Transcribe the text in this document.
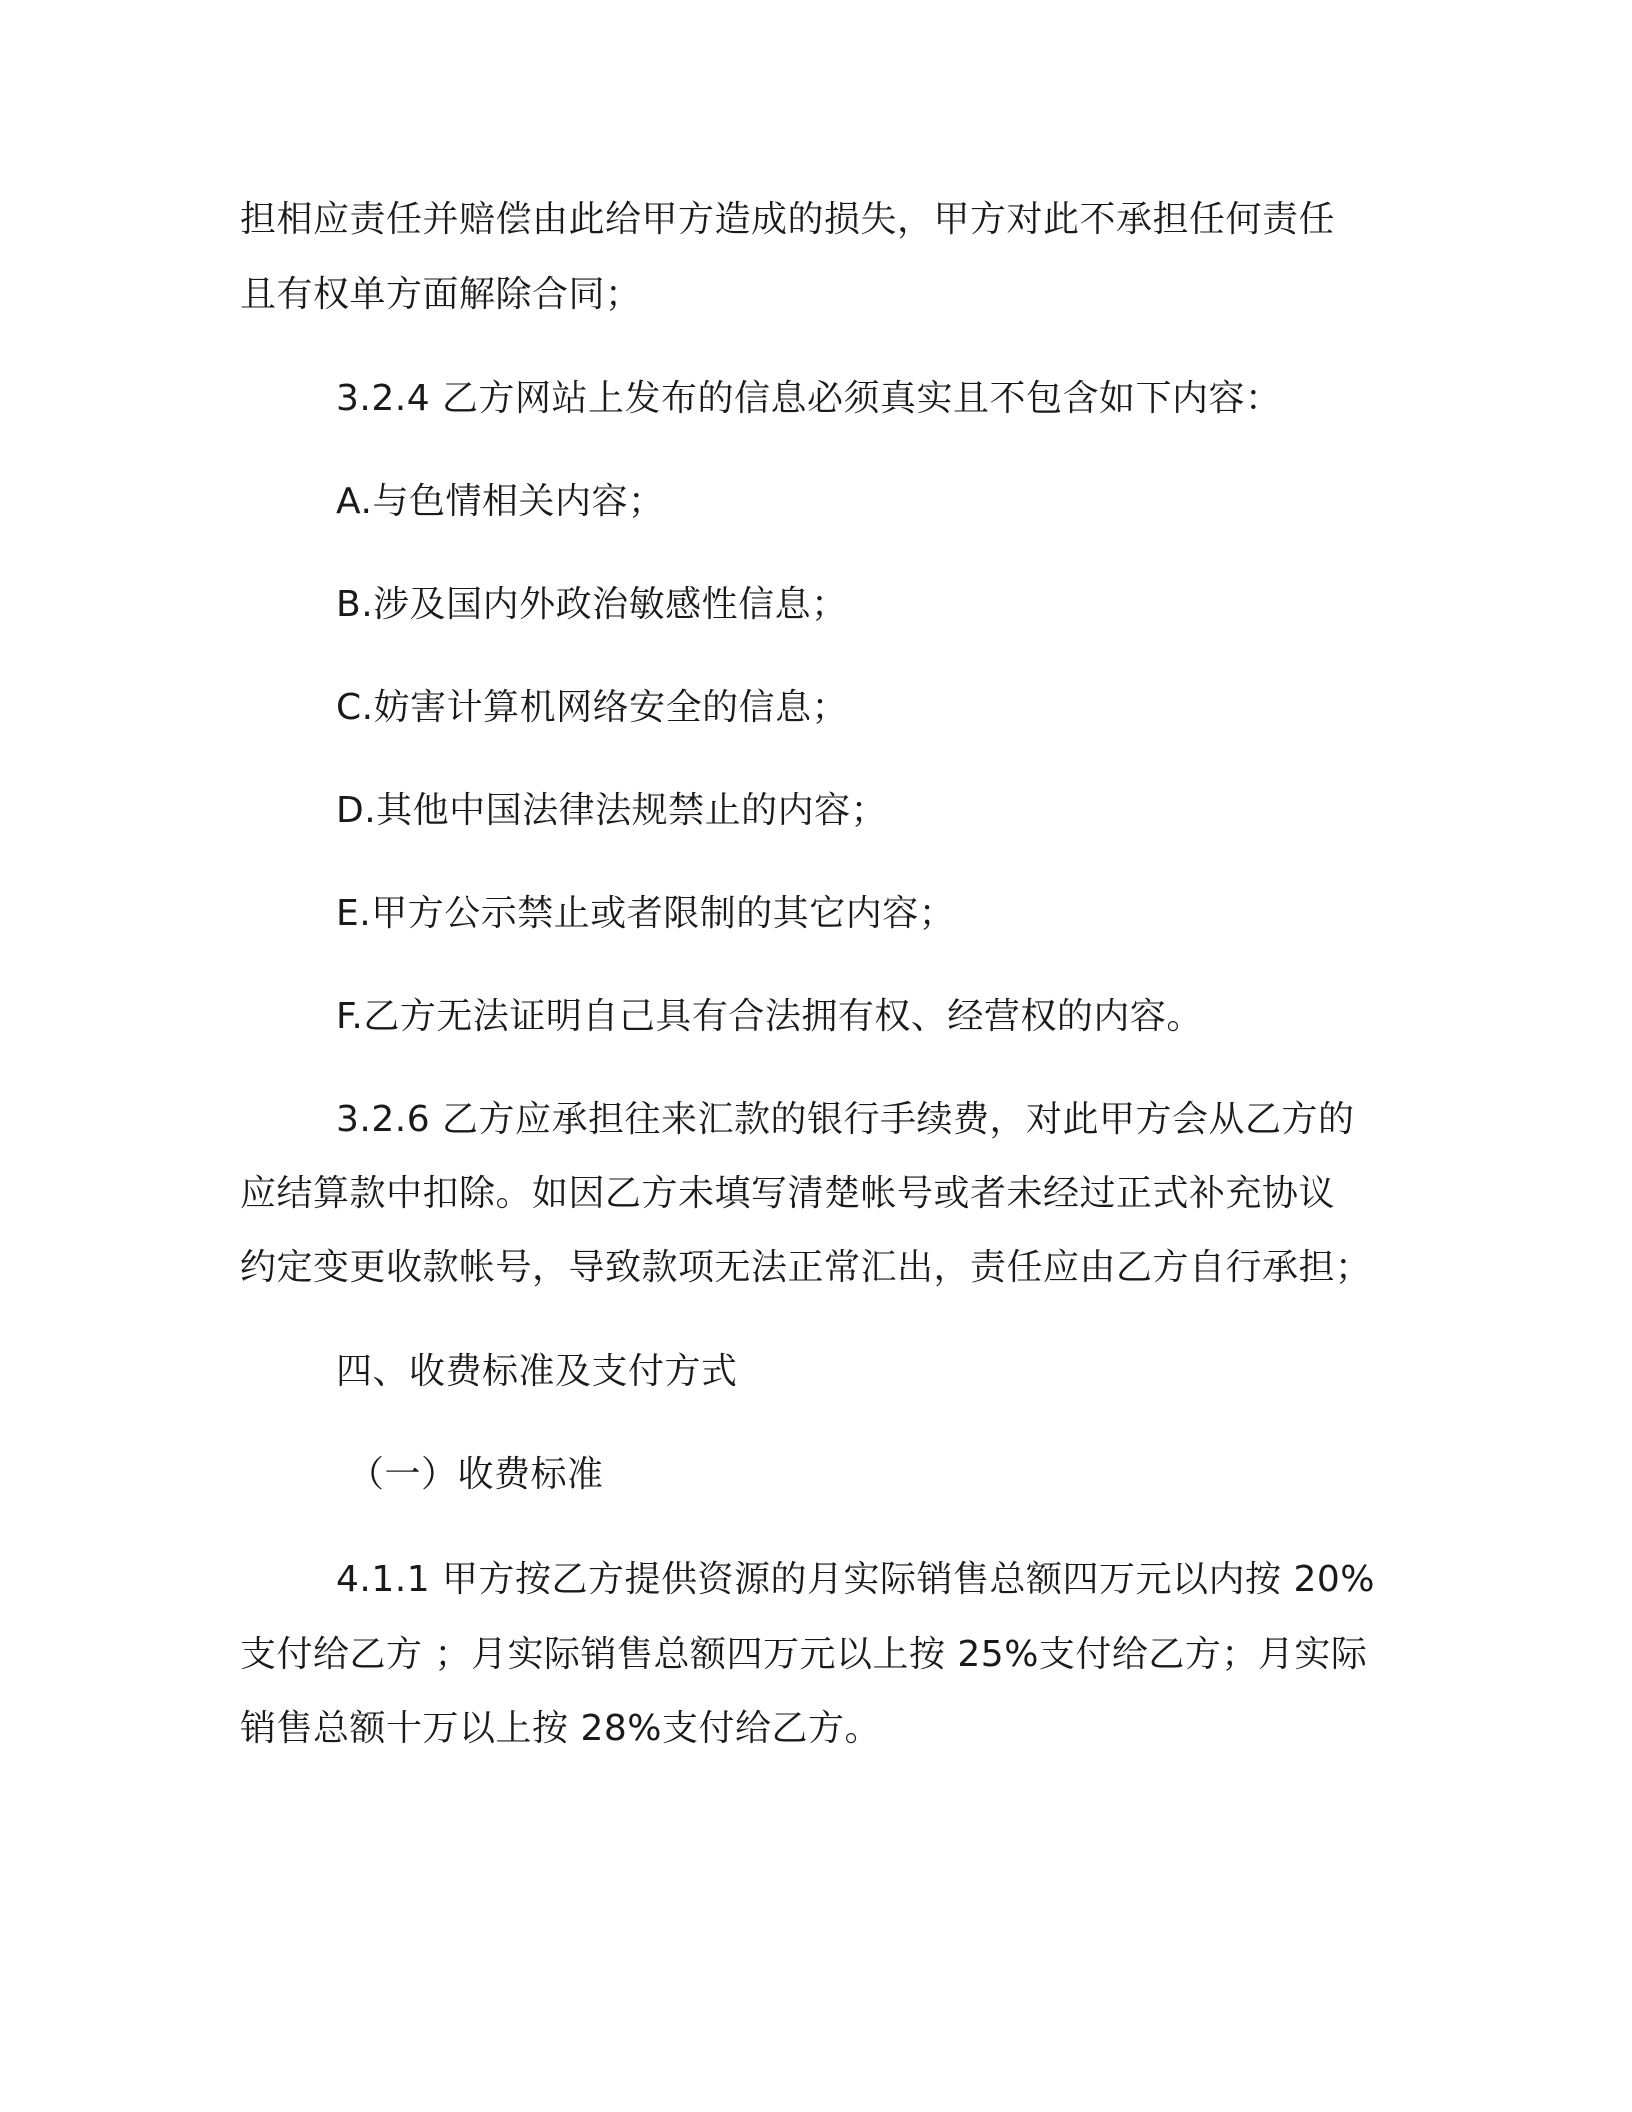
担相应责任并赔偿由此给甲方造成的损失，甲方对此不承担任何责任
且有权单方面解除合同；
3.2.4 乙方网站上发布的信息必须真实且不包含如下内容：
A.与色情相关内容；
B.涉及国内外政治敏感性信息；
C.妨害计算机网络安全的信息；
D.其他中国法律法规禁止的内容；
E.甲方公示禁止或者限制的其它内容；
F.乙方无法证明自己具有合法拥有权、经营权的内容。
3.2.6 乙方应承担往来汇款的银行手续费，对此甲方会从乙方的
应结算款中扣除。如因乙方未填写清楚帐号或者未经过正式补充协议
约定变更收款帐号，导致款项无法正常汇出，责任应由乙方自行承担；
四、收费标准及支付方式
（一）收费标准
4.1.1 甲方按乙方提供资源的月实际销售总额四万元以内按 20%
支付给乙方 ；月实际销售总额四万元以上按 25%支付给乙方；月实际
销售总额十万以上按 28%支付给乙方。
